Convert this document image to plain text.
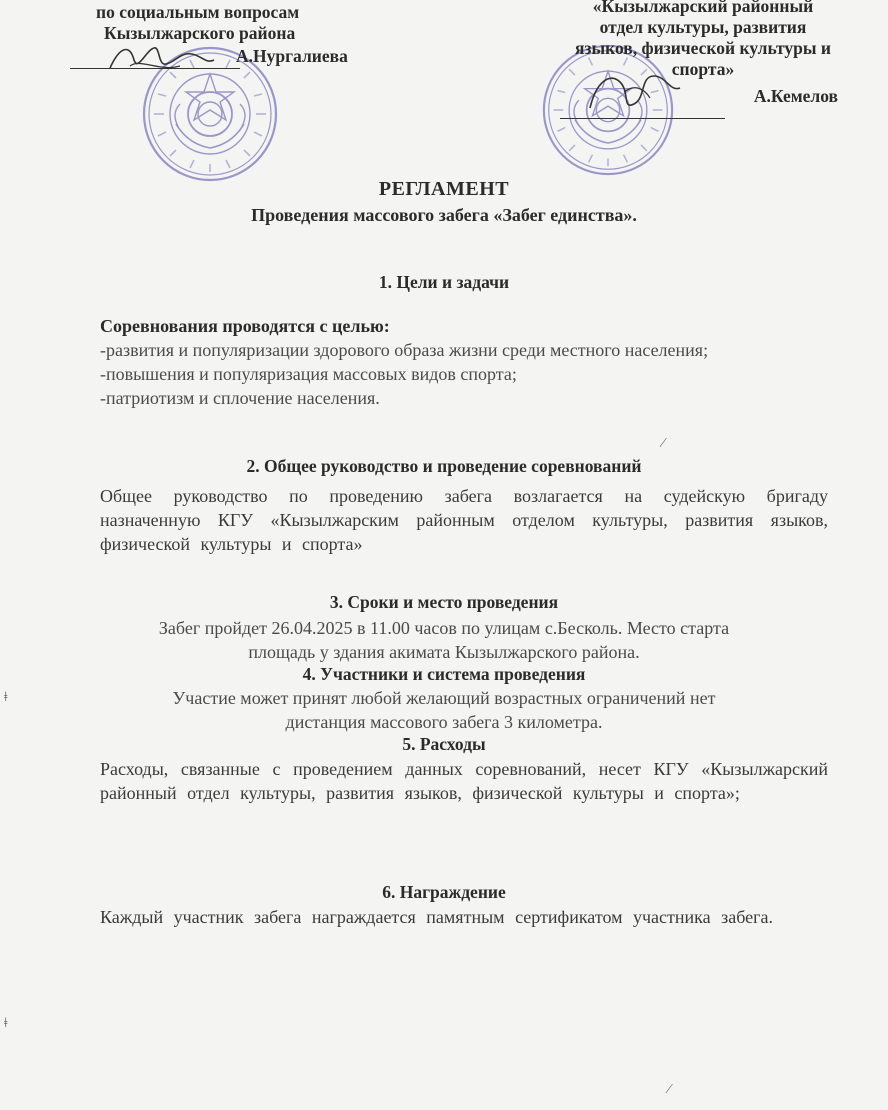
по социальным вопросам
Кызылжарского района
А.Нургалиева
«Кызылжарский районный
отдел культуры, развития
языков, физической культуры и
спорта»
А.Кемелов
РЕГЛАМЕНТ
Проведения массового забега «Забег единства».
1. Цели и задачи
Соревнования проводятся с целью:
-развития и популяризации здорового образа жизни среди местного населения;
-повышения и популяризация массовых видов спорта;
-патриотизм и сплочение населения.
2. Общее руководство и проведение соревнований
Общее руководство по проведению забега возлагается на судейскую бригаду назначенную КГУ «Кызылжарским районным отделом культуры, развития языков, физической культуры и спорта»
3. Сроки и место проведения
Забег пройдет 26.04.2025 в 11.00 часов по улицам с.Бесколь. Место старта
площадь у здания акимата Кызылжарского района.
4. Участники и система проведения
Участие может принят любой желающий возрастных ограничений нет
дистанция массового забега 3 километра.
5. Расходы
Расходы, связанные с проведением данных соревнований, несет КГУ «Кызылжарский районный отдел культуры, развития языков, физической культуры и спорта»;
6. Награждение
Каждый участник забега награждается памятным сертификатом участника забега.
ǂ
ǂ
⁄
⁄
